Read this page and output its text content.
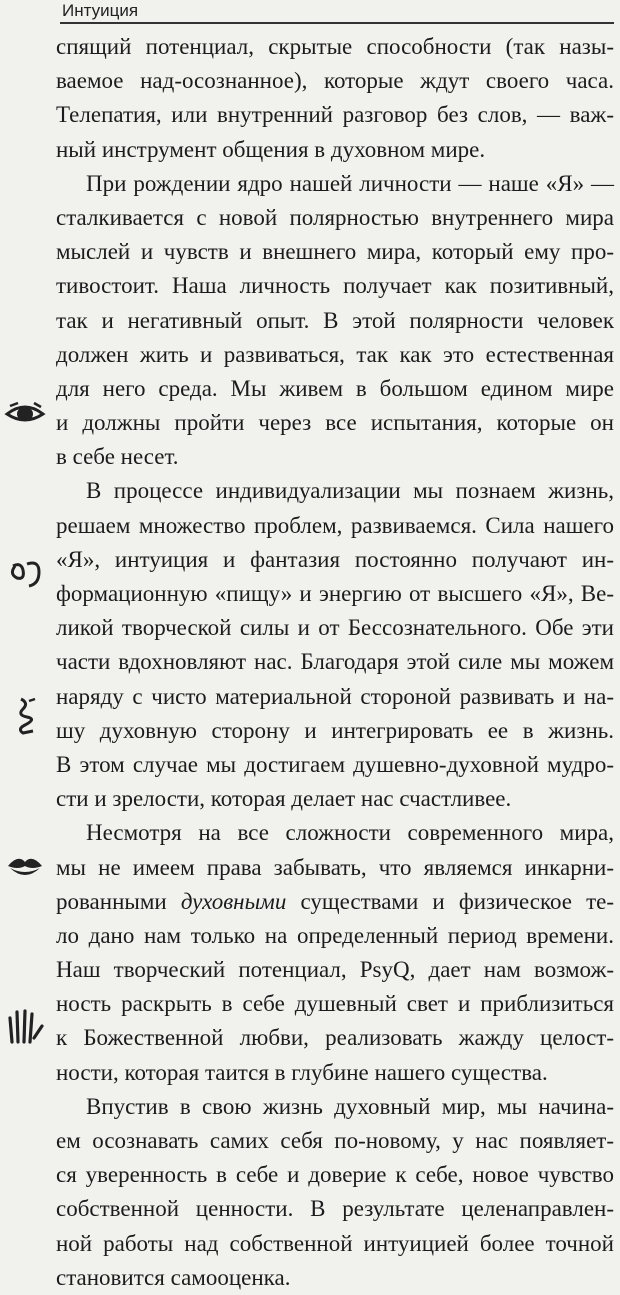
Интуиция
спящий потенциал, скрытые способности (так назы-
ваемое над-осознанное), которые ждут своего часа.
Телепатия, или внутренний разговор без слов, — важ-
ный инструмент общения в духовном мире.
При рождении ядро нашей личности — наше «Я» —
сталкивается с новой полярностью внутреннего мира
мыслей и чувств и внешнего мира, который ему про-
тивостоит. Наша личность получает как позитивный,
так и негативный опыт. В этой полярности человек
должен жить и развиваться, так как это естественная
для него среда. Мы живем в большом едином мире
и должны пройти через все испытания, которые он
в себе несет.
В процессе индивидуализации мы познаем жизнь,
решаем множество проблем, развиваемся. Сила нашего
«Я», интуиция и фантазия постоянно получают ин-
формационную «пищу» и энергию от высшего «Я», Ве-
ликой творческой силы и от Бессознательного. Обе эти
части вдохновляют нас. Благодаря этой силе мы можем
наряду с чисто материальной стороной развивать и на-
шу духовную сторону и интегрировать ее в жизнь.
В этом случае мы достигаем душевно-духовной мудро-
сти и зрелости, которая делает нас счастливее.
Несмотря на все сложности современного мира,
мы не имеем права забывать, что являемся инкарни-
рованными духовными существами и физическое те-
ло дано нам только на определенный период времени.
Наш творческий потенциал, PsyQ, дает нам возмож-
ность раскрыть в себе душевный свет и приблизиться
к Божественной любви, реализовать жажду целост-
ности, которая таится в глубине нашего существа.
Впустив в свою жизнь духовный мир, мы начина-
ем осознавать самих себя по-новому, у нас появляет-
ся уверенность в себе и доверие к себе, новое чувство
собственной ценности. В результате целенаправлен-
ной работы над собственной интуицией более точной
становится самооценка.
